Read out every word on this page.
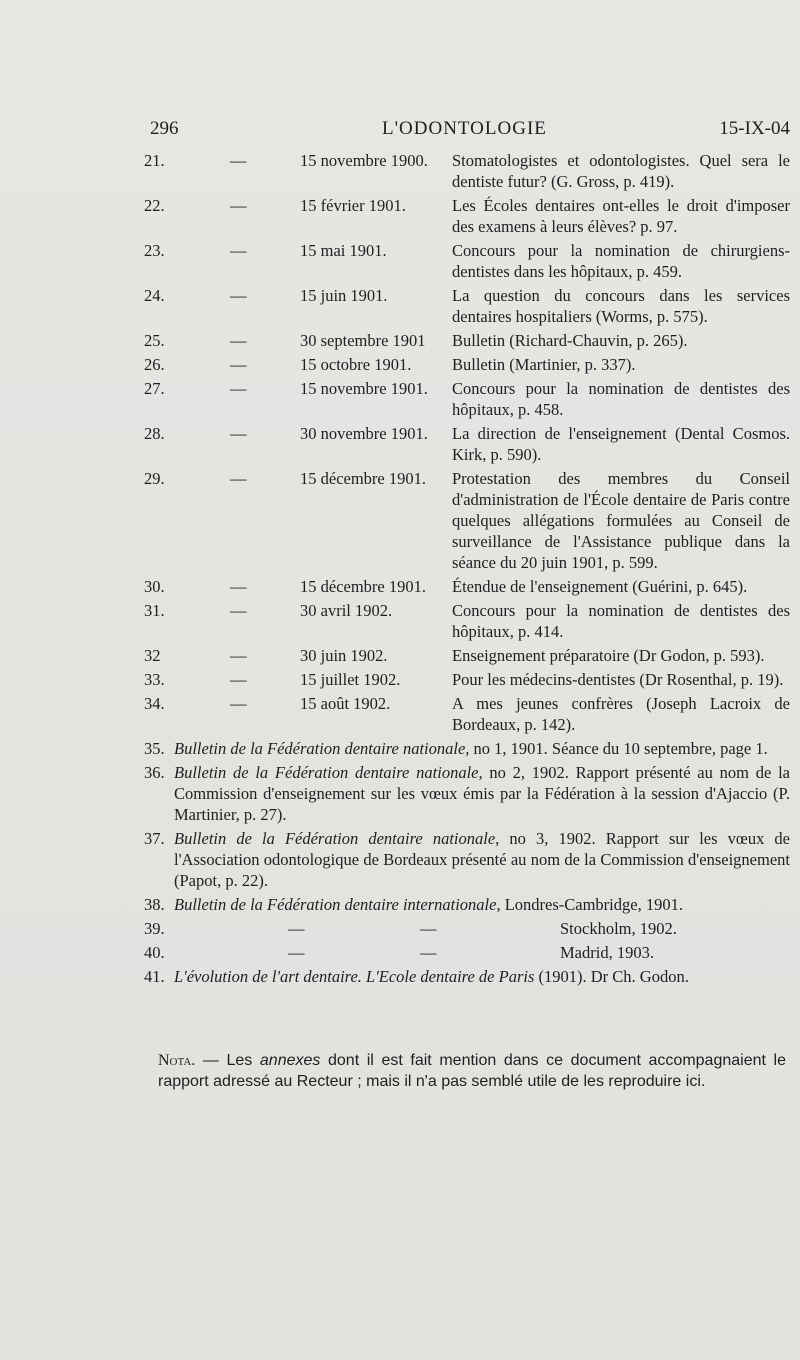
296	L'ODONTOLOGIE	15-IX-04
21.	—	15 novembre 1900. Stomatologistes et odontologistes. Quel sera le dentiste futur? (G. Gross, p. 419).
22.	—	15 février 1901.	Les Écoles dentaires ont-elles le droit d'imposer des examens à leurs élèves? p. 97.
23.	—	15 mai 1901.	Concours pour la nomination de chirurgiens-dentistes dans les hôpitaux, p. 459.
24.	—	15 juin 1901.	La question du concours dans les services dentaires hospitaliers (Worms, p. 575).
25.	—	30 septembre 1901 Bulletin (Richard-Chauvin, p. 265).
26.	—	15 octobre 1901. Bulletin (Martinier, p. 337).
27.	—	15 novembre 1901. Concours pour la nomination de dentistes des hôpitaux, p. 458.
28.	—	30 novembre 1901. La direction de l'enseignement (Dental Cosmos. Kirk, p. 590).
29.	—	15 décembre 1901. Protestation des membres du Conseil d'administration de l'École dentaire de Paris contre quelques allégations formulées au Conseil de surveillance de l'Assistance publique dans la séance du 20 juin 1901, p. 599.
30.	—	15 décembre 1901. Étendue de l'enseignement (Guérini, p. 645).
31.	—	30 avril 1902.	Concours pour la nomination de dentistes des hôpitaux, p. 414.
32	—	30 juin 1902.	Enseignement préparatoire (Dr Godon, p. 593).
33.	—	15 juillet 1902.	Pour les médecins-dentistes (Dr Rosenthal, p. 19).
34.	—	15 août 1902.	A mes jeunes confrères (Joseph Lacroix de Bordeaux, p. 142).
35. Bulletin de la Fédération dentaire nationale, no 1, 1901. Séance du 10 septembre, page 1.
36. Bulletin de la Fédération dentaire nationale, no 2, 1902. Rapport présenté au nom de la Commission d'enseignement sur les vœux émis par la Fédération à la session d'Ajaccio (P. Martinier, p. 27).
37. Bulletin de la Fédération dentaire nationale, no 3, 1902. Rapport sur les vœux de l'Association odontologique de Bordeaux présenté au nom de la Commission d'enseignement (Papot, p. 22).
38. Bulletin de la Fédération dentaire internationale, Londres-Cambridge, 1901.
39.	—	—	Stockholm, 1902.
40.	—	—	Madrid, 1903.
41. L'évolution de l'art dentaire. L'Ecole dentaire de Paris (1901). Dr Ch. Godon.
Nota. — Les annexes dont il est fait mention dans ce document accompagnaient le rapport adressé au Recteur ; mais il n'a pas semblé utile de les reproduire ici.
